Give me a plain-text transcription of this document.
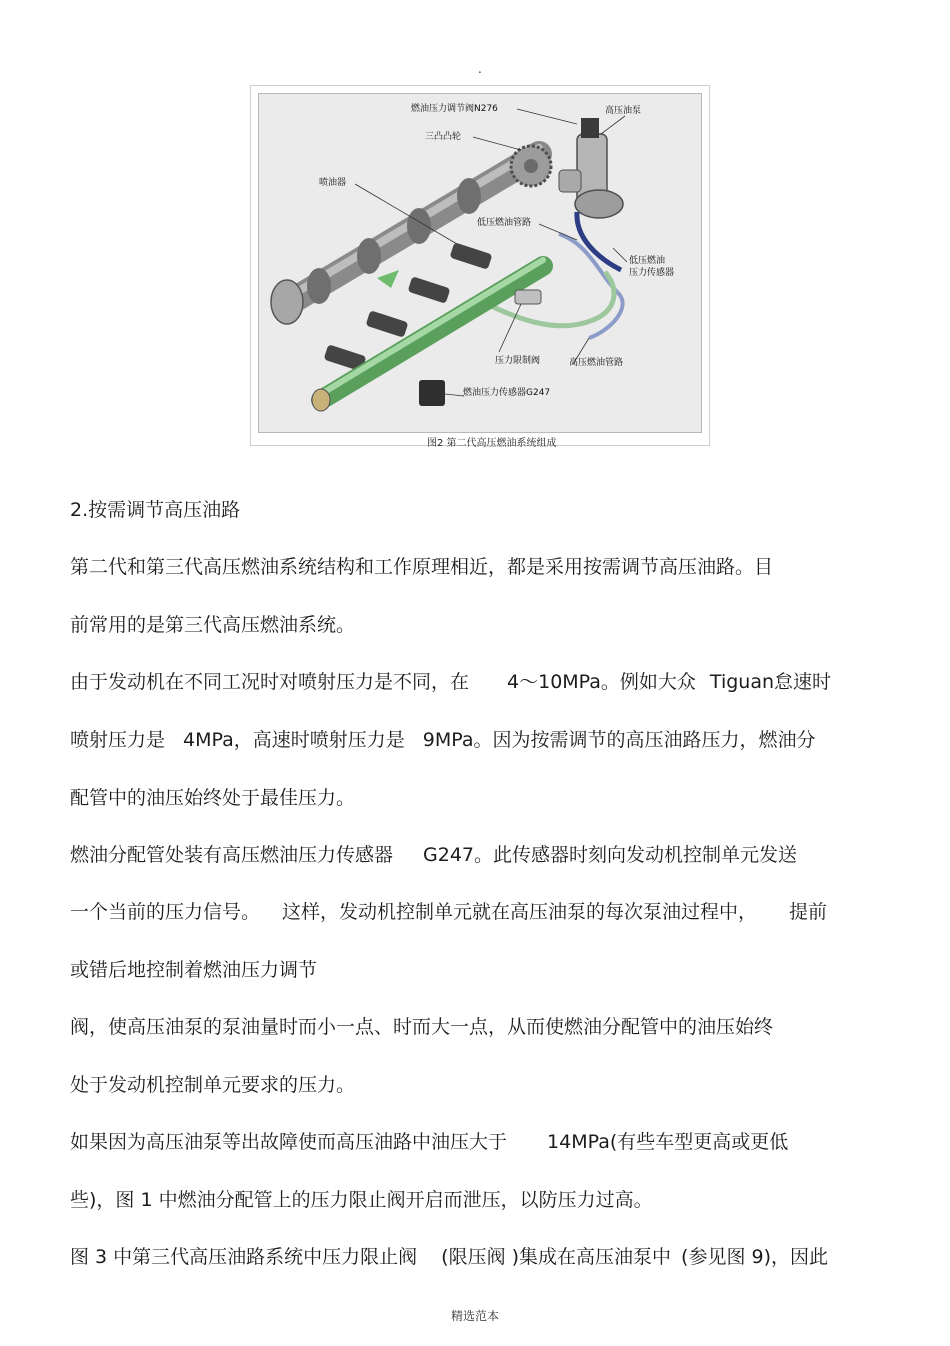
.
燃油压力调节阀N276	高压油泵
三凸凸轮
喷油器
低压燃油管路
低压燃油
压力传感器
压力限制阀	高压燃油管路
燃油压力传感器G247
图2 第二代高压燃油系统组成
2.按需调节高压油路
第二代和第三代高压燃油系统结构和工作原理相近，都是采用按需调节高压油路。目
前常用的是第三代高压燃油系统。
由于发动机在不同工况时对喷射压力是不同，在 4～10MPa。例如大众 Tiguan怠速时
喷射压力是 4MPa，高速时喷射压力是 9MPa。因为按需调节的高压油路压力，燃油分
配管中的油压始终处于最佳压力。
燃油分配管处装有高压燃油压力传感器 G247。此传感器时刻向发动机控制单元发送
一个当前的压力信号。 这样，发动机控制单元就在高压油泵的每次泵油过程中， 提前
或错后地控制着燃油压力调节
阀，使高压油泵的泵油量时而小一点、时而大一点，从而使燃油分配管中的油压始终
处于发动机控制单元要求的压力。
如果因为高压油泵等出故障使而高压油路中油压大于 14MPa(有些车型更高或更低
些)，图 1 中燃油分配管上的压力限止阀开启而泄压，以防压力过高。
图 3 中第三代高压油路系统中压力限止阀 (限压阀 )集成在高压油泵中 (参见图 9)，因此
精选范本
